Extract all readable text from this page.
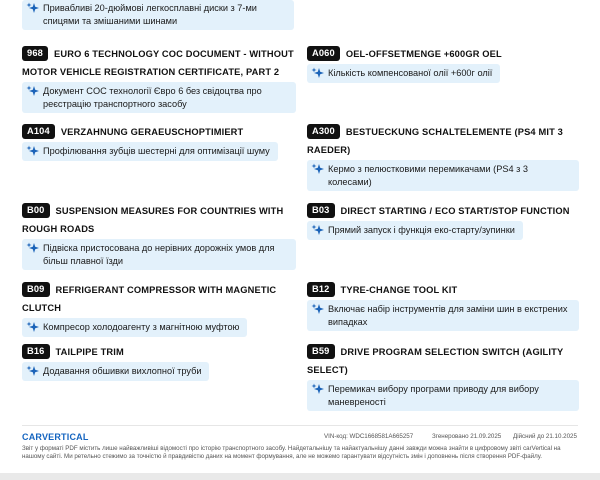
Привабливі 20-дюймові легкосплавні диски з 7-ми спицями та змішаними шинами
968 EURO 6 TECHNOLOGY COC DOCUMENT - WITHOUT MOTOR VEHICLE REGISTRATION CERTIFICATE, PART 2
Документ COC технології Євро 6 без свідоцтва про реєстрацію транспортного засобу
A060 OEL-OFFSETMENGE +600GR OEL
Кількість компенсованої олії +600г олії
A104 VERZAHNUNG GERAEUSCHOPTIMIERT
Профілювання зубців шестерні для оптимізації шуму
A300 BESTUECKUNG SCHALTELEMENTE (PS4 MIT 3 RAEDER)
Кермо з пелюстковими перемикачами (PS4 з 3 колесами)
B00 SUSPENSION MEASURES FOR COUNTRIES WITH ROUGH ROADS
Підвіска пристосована до нерівних дорожніх умов для більш плавної їзди
B03 DIRECT STARTING / ECO START/STOP FUNCTION
Прямий запуск і функція еко-старту/зупинки
B09 REFRIGERANT COMPRESSOR WITH MAGNETIC CLUTCH
Компресор холодоагенту з магнітною муфтою
B12 TYRE-CHANGE TOOL KIT
Включає набір інструментів для заміни шин в екстрених випадках
B16 TAILPIPE TRIM
Додавання обшивки вихлопної труби
B59 DRIVE PROGRAM SELECTION SWITCH (AGILITY SELECT)
Перемикач вибору програми приводу для вибору маневреності
CARVERTICAL	VIN-код: WDC1668581A665257	Згенеровано 21.09.2025 Дійсний до 21.10.2025
Звіт у форматі PDF містить лише найважливіші відомості про історію транспортного засобу. Найдетальнішу та найактуальнішу данні завжди можна знайти в цифровому звіті carVertical на нашому сайті. Ми ретельно стежимо за точністю й правдивістю даних на момент формування, але не можемо гарантувати відсутність змін і доповнень після створення PDF-файлу.
